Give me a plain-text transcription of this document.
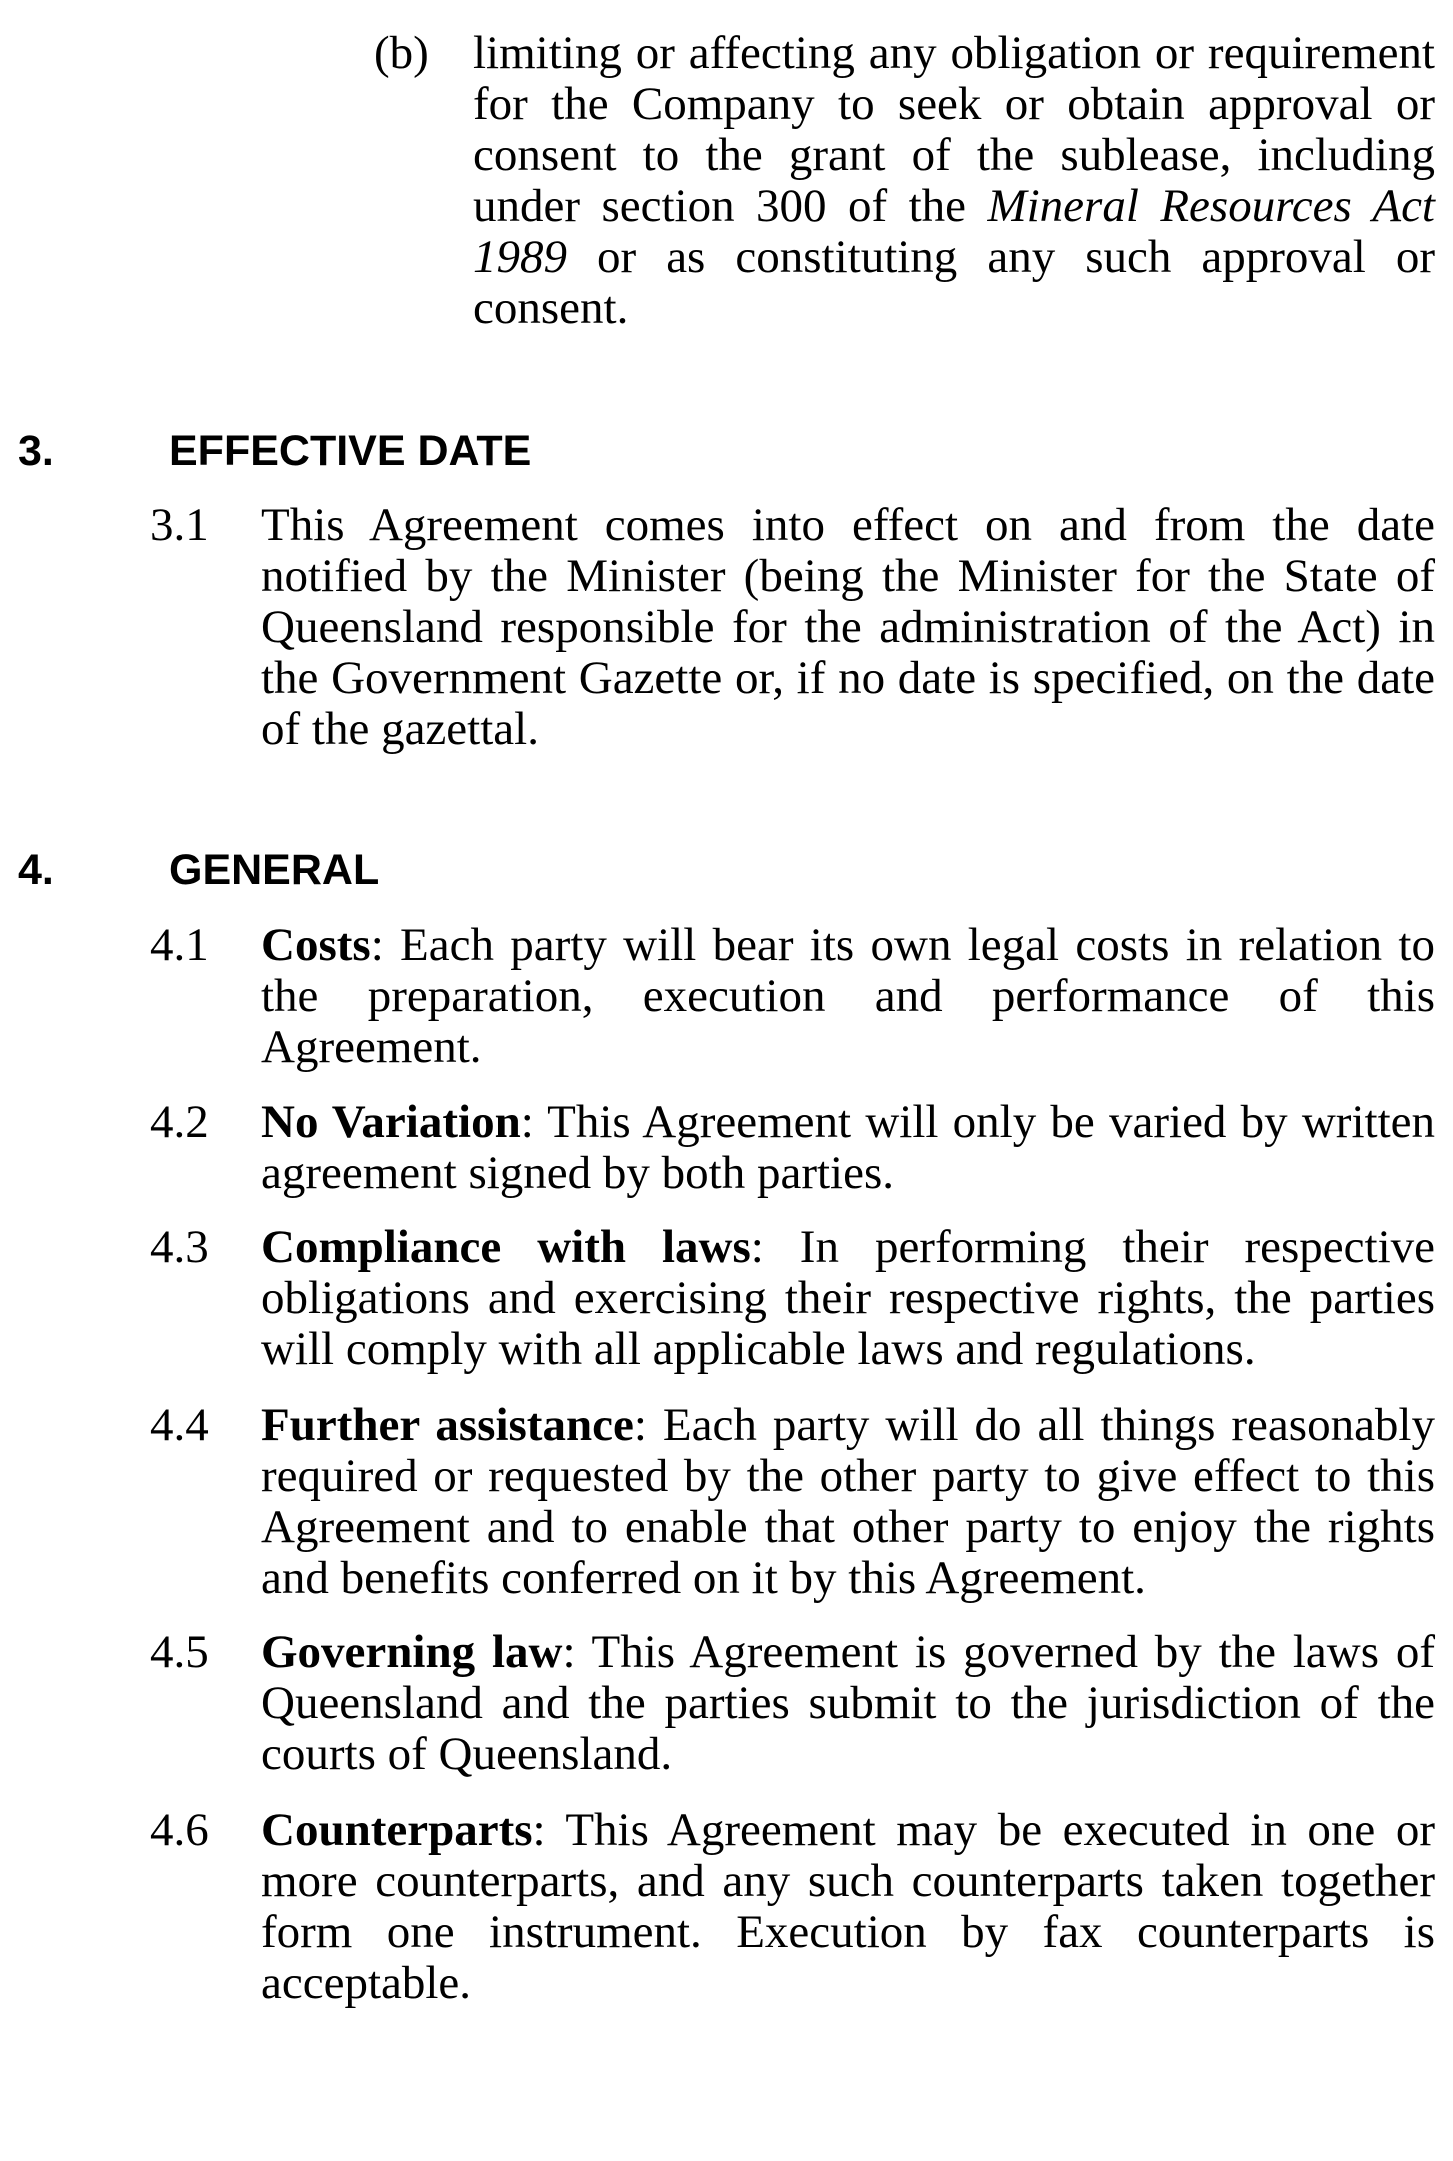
(b) limiting or affecting any obligation or requirement for the Company to seek or obtain approval or consent to the grant of the sublease, including under section 300 of the Mineral Resources Act 1989 or as constituting any such approval or consent.
3.	EFFECTIVE DATE
3.1 This Agreement comes into effect on and from the date notified by the Minister (being the Minister for the State of Queensland responsible for the administration of the Act) in the Government Gazette or, if no date is specified, on the date of the gazettal.
4.	GENERAL
4.1 Costs: Each party will bear its own legal costs in relation to the preparation, execution and performance of this Agreement.
4.2 No Variation: This Agreement will only be varied by written agreement signed by both parties.
4.3 Compliance with laws: In performing their respective obligations and exercising their respective rights, the parties will comply with all applicable laws and regulations.
4.4 Further assistance: Each party will do all things reasonably required or requested by the other party to give effect to this Agreement and to enable that other party to enjoy the rights and benefits conferred on it by this Agreement.
4.5 Governing law: This Agreement is governed by the laws of Queensland and the parties submit to the jurisdiction of the courts of Queensland.
4.6 Counterparts: This Agreement may be executed in one or more counterparts, and any such counterparts taken together form one instrument. Execution by fax counterparts is acceptable.
